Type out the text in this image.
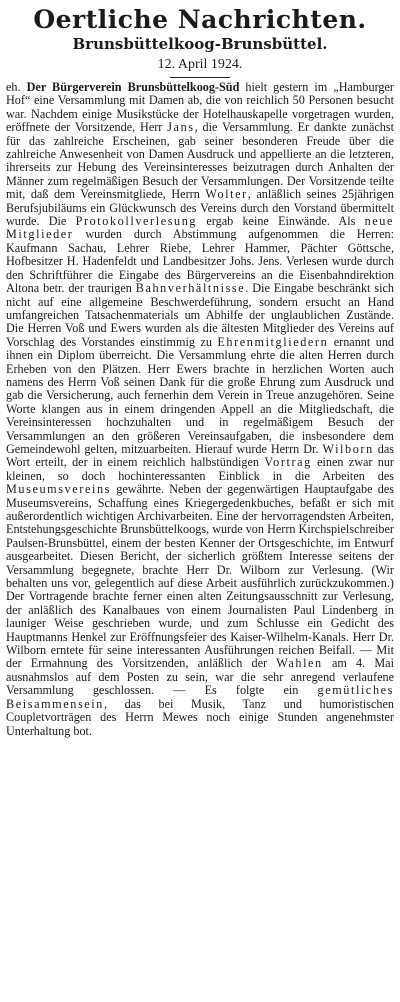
Oertliche Nachrichten.
Brunsbüttelkoog-Brunsbüttel.
12. April 1924.

eh. Der Bürgerverein Brunsbüttelkoog-Süd hielt gestern im „Hamburger Hof“ eine Versammlung mit Damen ab, die von reichlich 50 Personen besucht war. Nachdem einige Musikstücke der Hotelhauskapelle vorgetragen wurden, eröffnete der Vorsitzende, Herr Jans, die Versammlung. Er dankte zunächst für das zahlreiche Erscheinen, gab seiner besonderen Freude über die zahlreiche Anwesenheit von Damen Ausdruck und appellierte an die letzteren, ihrerseits zur Hebung des Vereinsinteresses beizutragen durch Anhalten der Männer zum regelmäßigen Besuch der Versammlungen. Der Vorsitzende teilte mit, daß dem Vereinsmitgliede, Herrn Wolter, anläßlich seines 25jährigen Berufsjubiläums ein Glückwunsch des Vereins durch den Vorstand übermittelt wurde. Die Protokollverlesung ergab keine Einwände. Als neue Mitglieder wurden durch Abstimmung aufgenommen die Herren: Kaufmann Sachau, Lehrer Riebe, Lehrer Hammer, Pächter Göttsche, Hofbesitzer H. Hadenfeldt und Landbesitzer Johs. Jens. Verlesen wurde durch den Schriftführer die Eingabe des Bürgervereins an die Eisenbahndirektion Altona betr. der traurigen Bahnverhältnisse. Die Eingabe beschränkt sich nicht auf eine allgemeine Beschwerdeführung, sondern ersucht an Hand umfangreichen Tatsachenmaterials um Abhilfe der unglaublichen Zustände. Die Herren Voß und Ewers wurden als die ältesten Mitglieder des Vereins auf Vorschlag des Vorstandes einstimmig zu Ehrenmitgliedern ernannt und ihnen ein Diplom überreicht. Die Versammlung ehrte die alten Herren durch Erheben von den Plätzen. Herr Ewers brachte in herzlichen Worten auch namens des Herrn Voß seinen Dank für die große Ehrung zum Ausdruck und gab die Versicherung, auch fernerhin dem Verein in Treue anzugehören. Seine Worte klangen aus in einem dringenden Appell an die Mitgliedschaft, die Vereinsinteressen hochzuhalten und in regelmäßigem Besuch der Versammlungen an den größeren Vereinsaufgaben, die insbesondere dem Gemeindewohl gelten, mitzuarbeiten. Hierauf wurde Herrn Dr. Wilborn das Wort erteilt, der in einem reichlich halbstündigen Vortrag einen zwar nur kleinen, so doch hochinteressanten Einblick in die Arbeiten des Museumsvereins gewährte. Neben der gegenwärtigen Hauptaufgabe des Museumsvereins, Schaffung eines Kriegergedenkbuches, befaßt er sich mit außerordentlich wichtigen Archivarbeiten. Eine der hervorragendsten Arbeiten, Entstehungsgeschichte Brunsbüttelkoogs, wurde von Herrn Kirchspielschreiber Paulsen-Brunsbüttel, einem der besten Kenner der Ortsgeschichte, im Entwurf ausgearbeitet. Diesen Bericht, der sicherlich größtem Interesse seitens der Versammlung begegnete, brachte Herr Dr. Wilborn zur Verlesung. (Wir behalten uns vor, gelegentlich auf diese Arbeit ausführlich zurückzukommen.) Der Vortragende brachte ferner einen alten Zeitungsausschnitt zur Verlesung, der anläßlich des Kanalbaues von einem Journalisten Paul Lindenberg in launiger Weise geschrieben wurde, und zum Schlusse ein Gedicht des Hauptmanns Henkel zur Eröffnungsfeier des Kaiser-Wilhelm-Kanals. Herr Dr. Wilborn erntete für seine interessanten Ausführungen reichen Beifall. — Mit der Ermahnung des Vorsitzenden, anläßlich der Wahlen am 4. Mai ausnahmslos auf dem Posten zu sein, war die sehr anregend verlaufene Versammlung geschlossen. — Es folgte ein gemütliches Beisammensein, das bei Musik, Tanz und humoristischen Coupletvorträgen des Herrn Mewes noch einige Stunden angenehmster Unterhaltung bot.
